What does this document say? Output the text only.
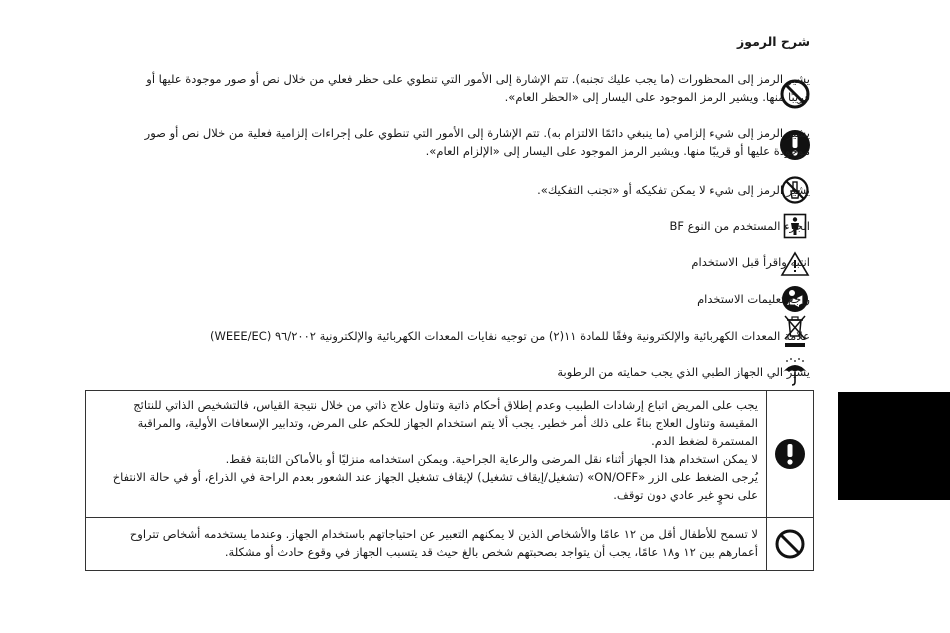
شرح الرموز
يشير الرمز إلى المحظورات (ما يجب عليك تجنبه). تتم الإشارة إلى الأمور التي تنطوي على حظر فعلي من خلال نص أو صور موجودة عليها أو قريبًا منها. ويشير الرمز الموجود على اليسار إلى «الحظر العام».
يشير الرمز إلى شيء إلزامي (ما ينبغي دائمًا الالتزام به). تتم الإشارة إلى الأمور التي تنطوي على إجراءات إلزامية فعلية من خلال نص أو صور موجودة عليها أو قريبًا منها. ويشير الرمز الموجود على اليسار إلى «الإلزام العام».
يشير الرمز إلى شيء لا يمكن تفكيكه أو «تجنب التفكيك».
الجزء المستخدم من النوع BF
انتبه واقرأ قبل الاستخدام
راجع تعليمات الاستخدام
علامة المعدات الكهربائية والإلكترونية وفقًا للمادة ١١(٢) من توجيه نفايات المعدات الكهربائية والإلكترونية ٩٦/٢٠٠٢ (WEEE/EC)
يشير الي الجهاز الطبي الذي يجب حمايته من الرطوبة
يجب على المريض اتباع إرشادات الطبيب وعدم إطلاق أحكام ذاتية وتناول علاج ذاتي من خلال نتيجة القياس، فالتشخيص الذاتي للنتائج المقيسة وتناول العلاج بناءً على ذلك أمر خطير. يجب ألا يتم استخدام الجهاز للحكم على المرض، وتدابير الإسعافات الأولية، والمراقبة المستمرة لضغط الدم.
لا يمكن استخدام هذا الجهاز أثناء نقل المرضى والرعاية الجراحية. ويمكن استخدامه منزليًا أو بالأماكن الثابتة فقط.
يُرجى الضغط على الزر «ON/OFF» (تشغيل/إيقاف تشغيل) لإيقاف تشغيل الجهاز عند الشعور بعدم الراحة في الذراع، أو في حالة الانتفاخ على نحوٍ غير عادي دون توقف.
لا تسمح للأطفال أقل من ١٢ عامًا والأشخاص الذين لا يمكنهم التعبير عن احتياجاتهم باستخدام الجهاز. وعندما يستخدمه أشخاص تتراوح أعمارهم بين ١٢ و١٨ عامًا، يجب أن يتواجد بصحبتهم شخص بالغ حيث قد يتسبب الجهاز في وقوع حادث أو مشكلة.
